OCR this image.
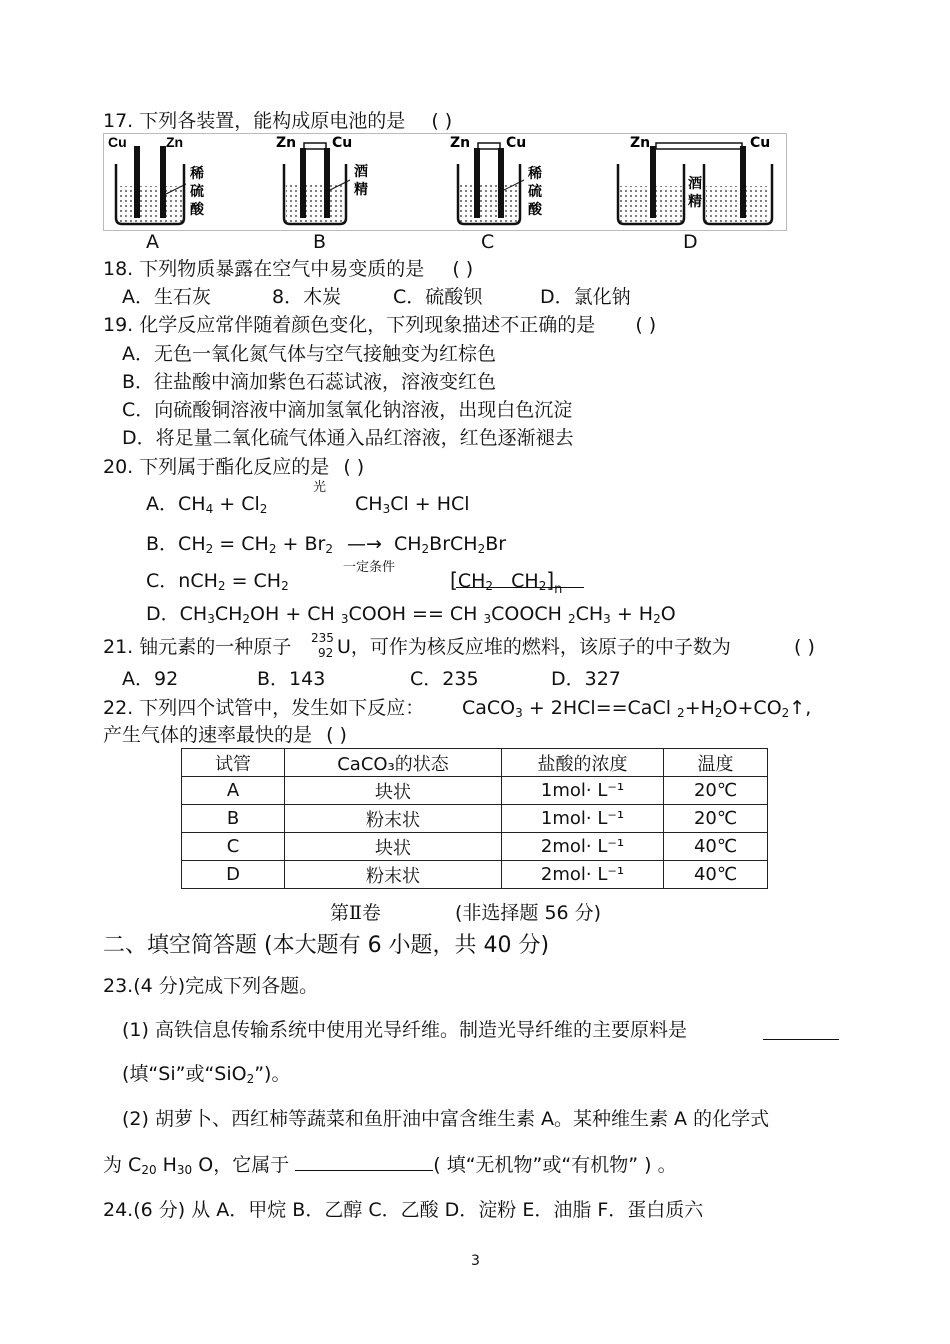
17. 下列各装置，能构成原电池的是 ( )
Cu	Zn
稀
硫
酸
Zn	Cu
酒
精
Zn	Cu
稀
硫
酸
Zn	Cu
酒
精
A	B	C	D
18. 下列物质暴露在空气中易变质的是 ( )
A．生石灰	8．木炭	C．硫酸钡	D．氯化钠
19. 化学反应常伴随着颜色变化，下列现象描述不正确的是 ( )
A．无色一氧化氮气体与空气接触变为红棕色
B．往盐酸中滴加紫色石蕊试液，溶液变红色
C．向硫酸铜溶液中滴加氢氧化钠溶液，出现白色沉淀
D．将足量二氧化硫气体通入品红溶液，红色逐渐褪去
20. 下列属于酯化反应的是 ( )
A．$CH_4 + Cl_2$
光
$CH_3Cl$ + HCl
B．$CH_2 = CH_2 + Br_2$ —→ $CH_2BrCH_2Br$
C．$nCH_2 = CH_2$
一定条件
[$CH_2$   $CH_2]_n$
D．$CH_3CH_2OH$ + CH $_3$COOH == CH $_3$COOCH $_2CH_3 + H_2O$
21. 铀元素的一种原子 235
92 U，可作为核反应堆的燃料，该原子的中子数为	( )
A．92	B．143	C．235	D．327
22. 下列四个试管中，发生如下反应： CaCO$_3$ + 2HCl==CaCl $_2+H_2O+CO_2↑$,
产生气体的速率最快的是 ( )
试管	CaCO₃的状态	盐酸的浓度	温度
A	块状	1mol· L⁻¹	20℃
B	粉末状	1mol· L⁻¹	20℃
C	块状	2mol· L⁻¹	40℃
D	粉末状	2mol· L⁻¹	40℃
第Ⅱ卷	(非选择题 56 分)
二、填空简答题 (本大题有 6 小题，共 40 分)
23.(4 分)完成下列各题。
(1) 高铁信息传输系统中使用光导纤维。制造光导纤维的主要原料是
(填“Si”或“SiO$_2$”)。
(2) 胡萝卜、西红柿等蔬菜和鱼肝油中富含维生素 A。某种维生素 A 的化学式
为 $C_{20}$ $H_{30}$ O，它属于	( 填“无机物”或“有机物” ) 。
24.(6 分) 从 A．甲烷 B．乙醇 C．乙酸 D．淀粉 E．油脂 F．蛋白质六
3
